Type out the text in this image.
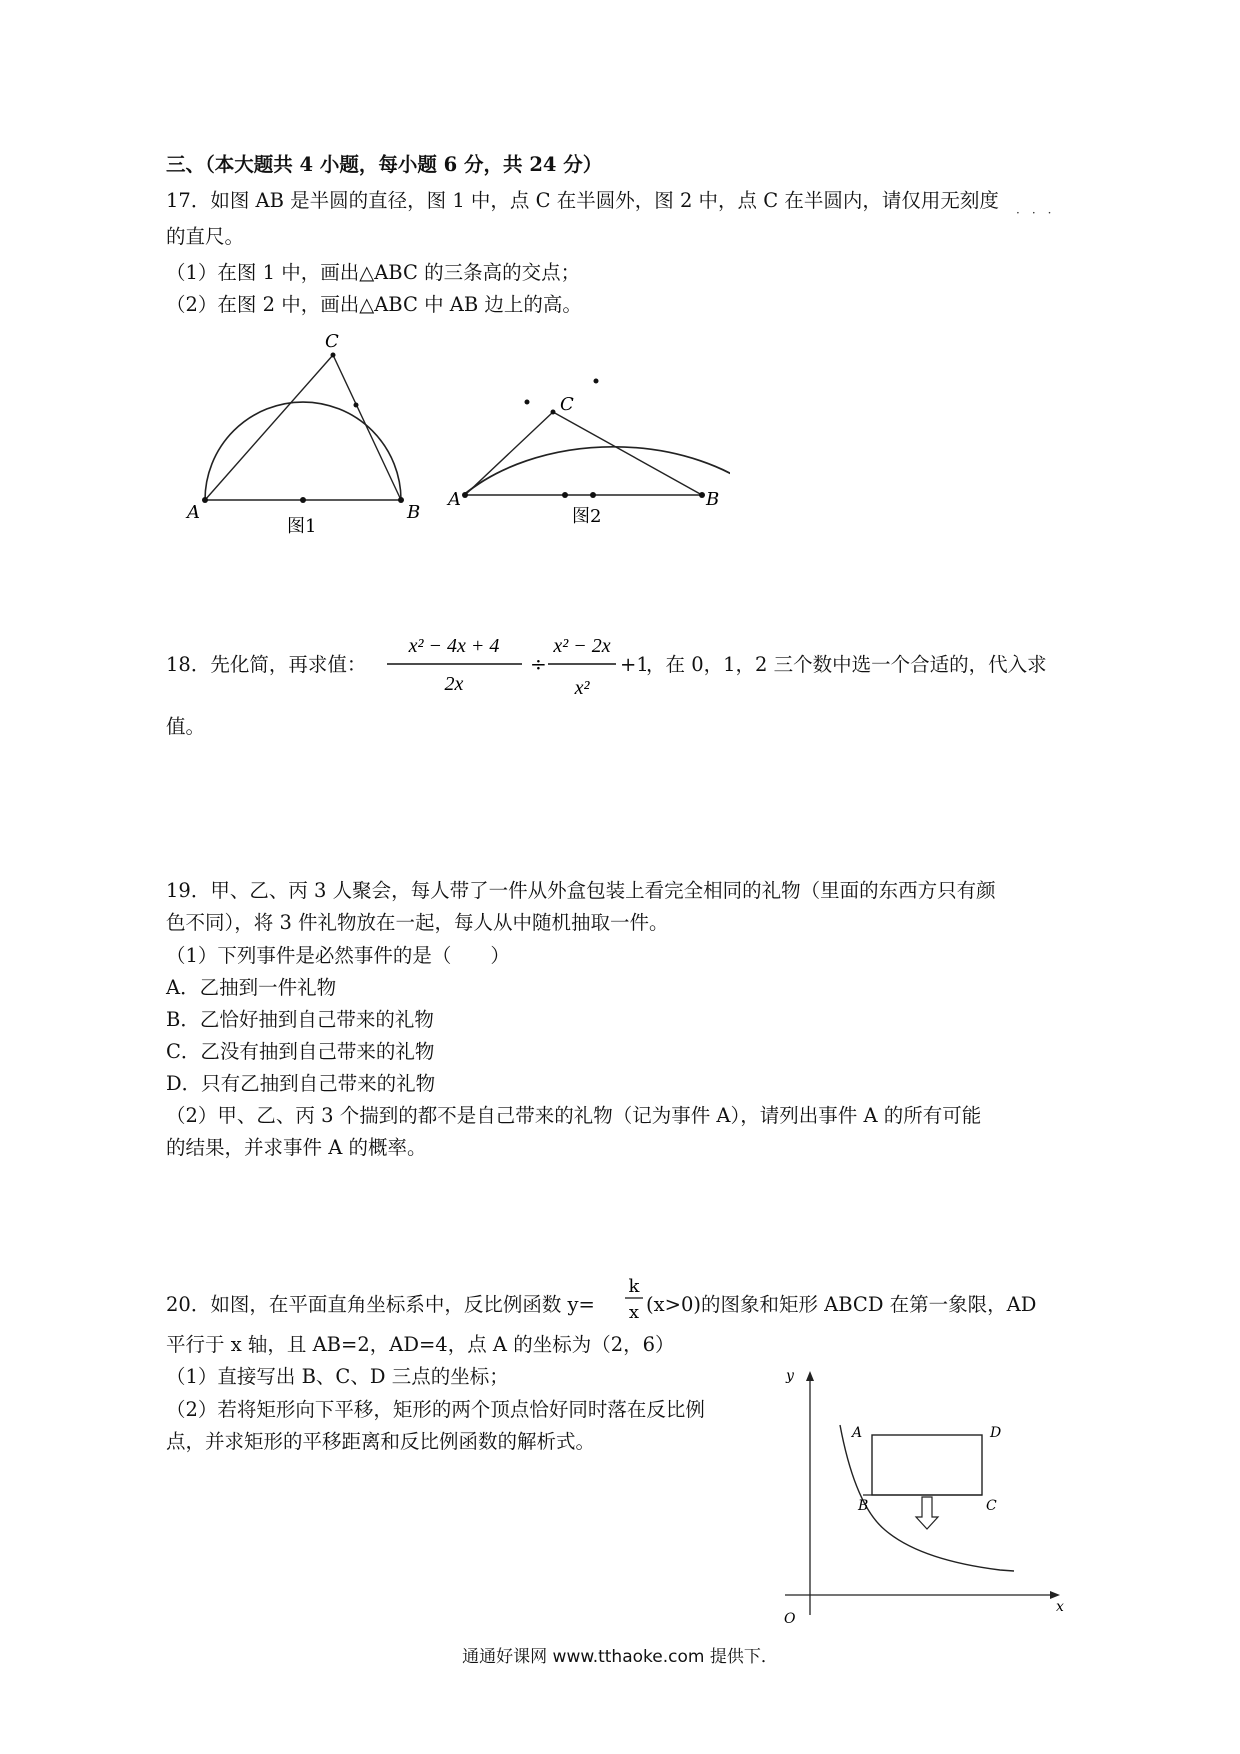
三、（本大题共 4 小题，每小题 6 分，共 24 分）
17．如图 AB 是半圆的直径，图 1 中，点 C 在半圆外，图 2 中，点 C 在半圆内，请仅用无刻度
···
的直尺。
（1）在图 1 中，画出△ABC 的三条高的交点；
（2）在图 2 中，画出△ABC 中 AB 边上的高。
A	B
C
图1
A	B
C
图2
18．先化简，再求值：
x² − 4x + 4
2x
÷
x² − 2x
x²
+1
，在 0，1，2 三个数中选一个合适的，代入求
值。
19．甲、乙、丙 3 人聚会，每人带了一件从外盒包装上看完全相同的礼物（里面的东西方只有颜
色不同），将 3 件礼物放在一起，每人从中随机抽取一件。
（1）下列事件是必然事件的是（　　）
A．乙抽到一件礼物
B．乙恰好抽到自己带来的礼物
C．乙没有抽到自己带来的礼物
D．只有乙抽到自己带来的礼物
（2）甲、乙、丙 3 个揣到的都不是自己带来的礼物（记为事件 A），请列出事件 A 的所有可能
的结果，并求事件 A 的概率。
20．如图，在平面直角坐标系中，反比例函数 y=
k
x (x>0)的图象和矩形 ABCD 在第一象限，AD
平行于 x 轴，且 AB=2，AD=4，点 A 的坐标为（2，6）
（1）直接写出 B、C、D 三点的坐标；
（2）若将矩形向下平移，矩形的两个顶点恰好同时落在反比例
点，并求矩形的平移距离和反比例函数的解析式。
y
x
O
A	D
B	C
通通好课网 www.tthaoke.com 提供下．
